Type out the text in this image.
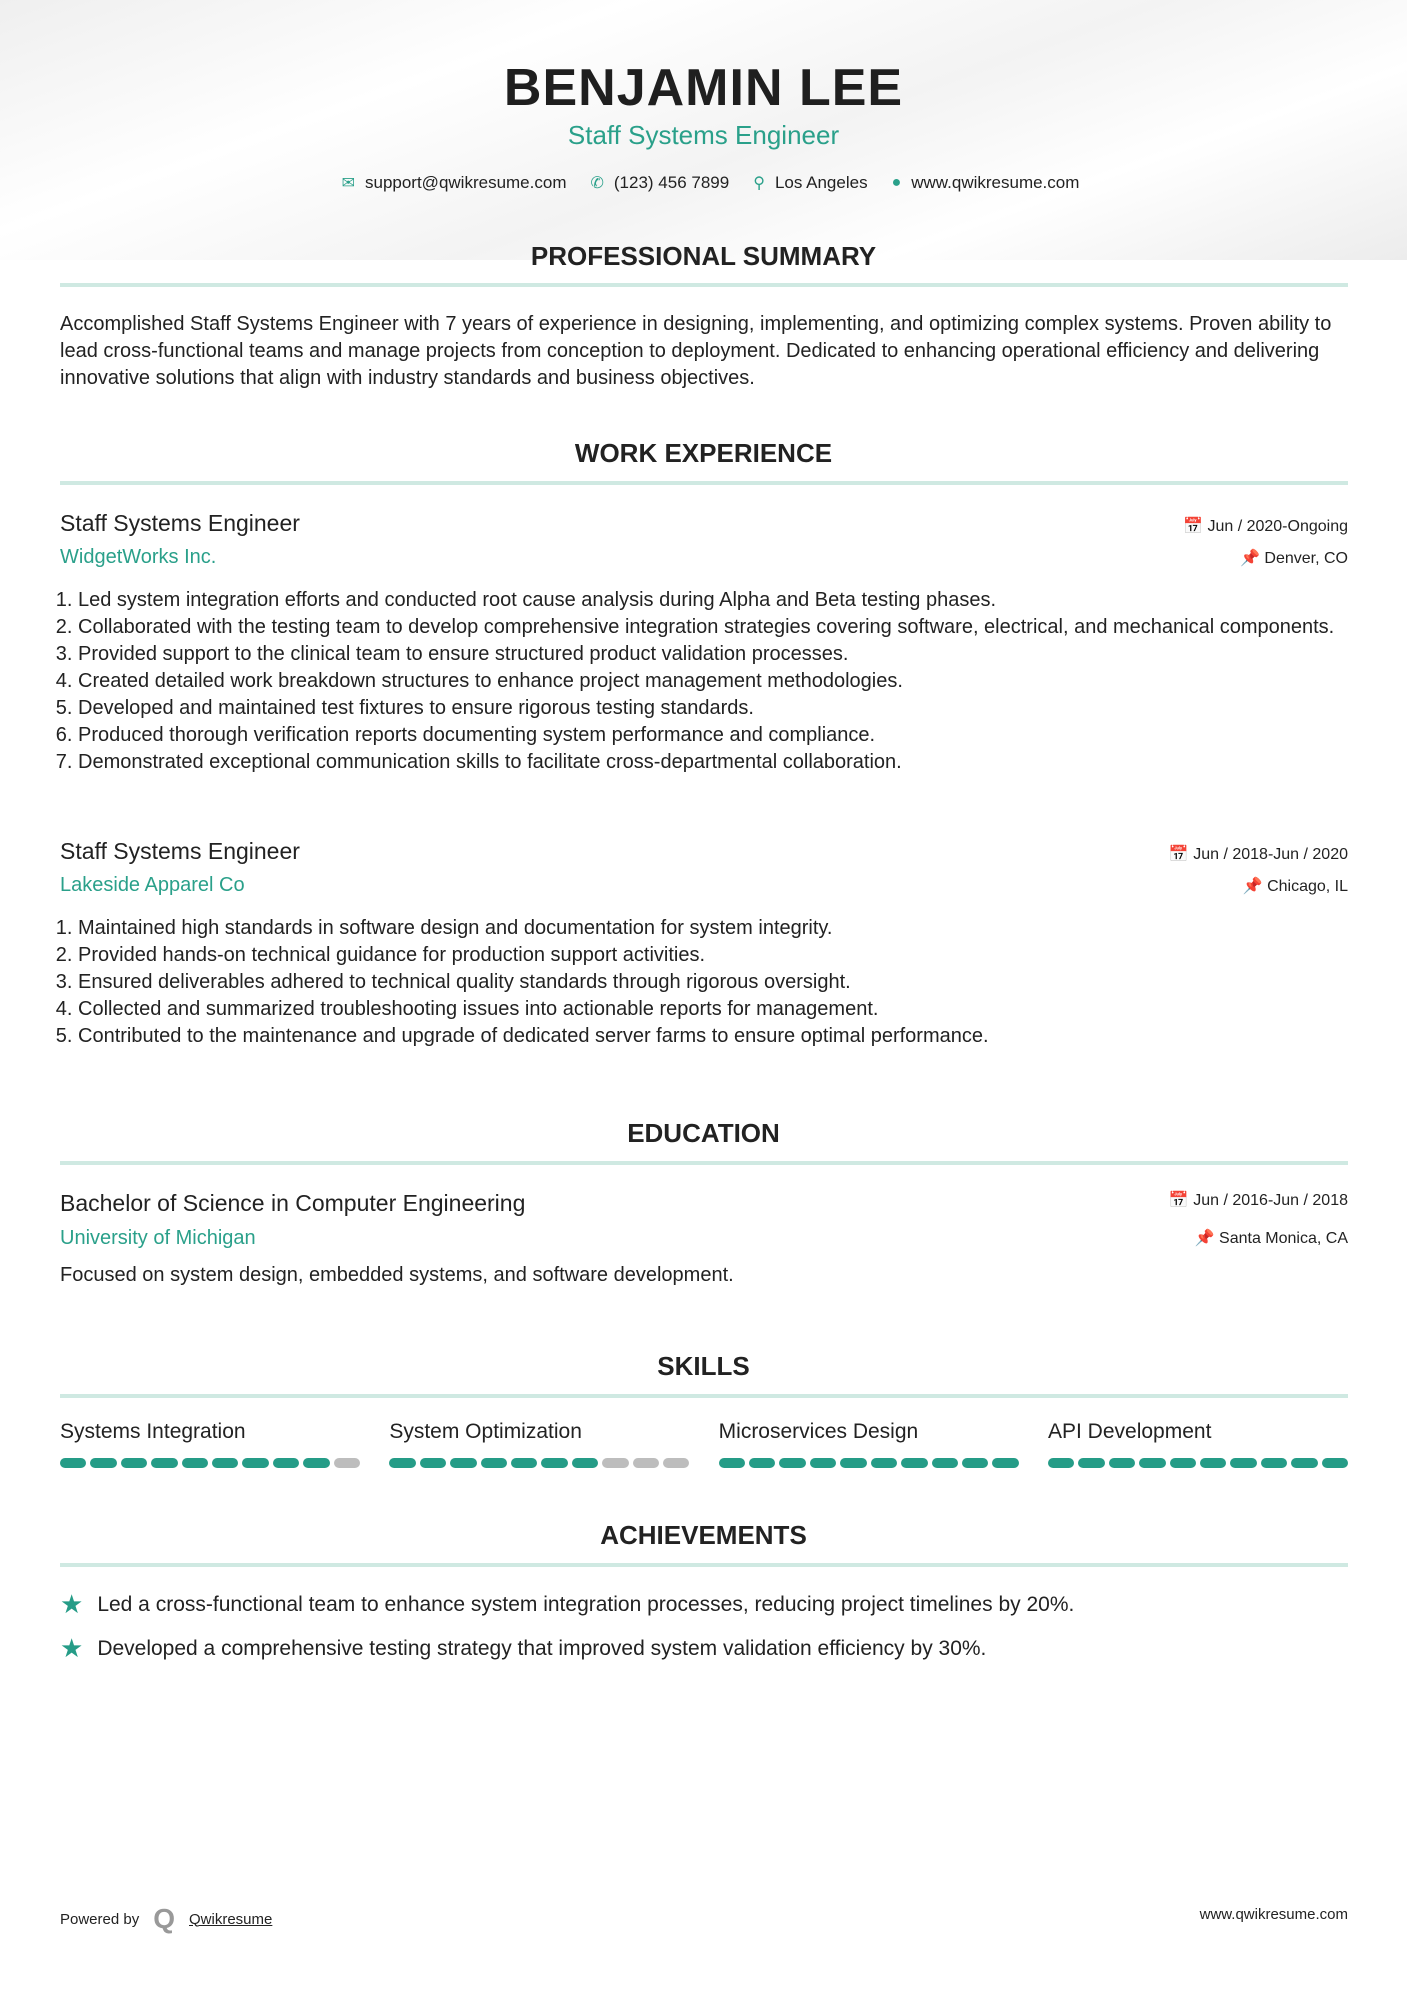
BENJAMIN LEE
Staff Systems Engineer
✉ support@qwikresume.com ✆ (123) 456 7899 ⚲ Los Angeles ● www.qwikresume.com
PROFESSIONAL SUMMARY
Accomplished Staff Systems Engineer with 7 years of experience in designing, implementing, and optimizing complex systems. Proven ability to lead cross-functional teams and manage projects from conception to deployment. Dedicated to enhancing operational efficiency and delivering innovative solutions that align with industry standards and business objectives.
WORK EXPERIENCE
Staff Systems Engineer
WidgetWorks Inc.
📅 Jun / 2020-Ongoing
📌 Denver, CO
1. Led system integration efforts and conducted root cause analysis during Alpha and Beta testing phases.
2. Collaborated with the testing team to develop comprehensive integration strategies covering software, electrical, and mechanical components.
3. Provided support to the clinical team to ensure structured product validation processes.
4. Created detailed work breakdown structures to enhance project management methodologies.
5. Developed and maintained test fixtures to ensure rigorous testing standards.
6. Produced thorough verification reports documenting system performance and compliance.
7. Demonstrated exceptional communication skills to facilitate cross-departmental collaboration.
Staff Systems Engineer
Lakeside Apparel Co
📅 Jun / 2018-Jun / 2020
📌 Chicago, IL
1. Maintained high standards in software design and documentation for system integrity.
2. Provided hands-on technical guidance for production support activities.
3. Ensured deliverables adhered to technical quality standards through rigorous oversight.
4. Collected and summarized troubleshooting issues into actionable reports for management.
5. Contributed to the maintenance and upgrade of dedicated server farms to ensure optimal performance.
EDUCATION
Bachelor of Science in Computer Engineering
University of Michigan
📅 Jun / 2016-Jun / 2018
📌 Santa Monica, CA
Focused on system design, embedded systems, and software development.
SKILLS
Systems Integration	System Optimization	Microservices Design	API Development
ACHIEVEMENTS
★ Led a cross-functional team to enhance system integration processes, reducing project timelines by 20%.
★ Developed a comprehensive testing strategy that improved system validation efficiency by 30%.
Powered by Q Qwikresume	www.qwikresume.com
